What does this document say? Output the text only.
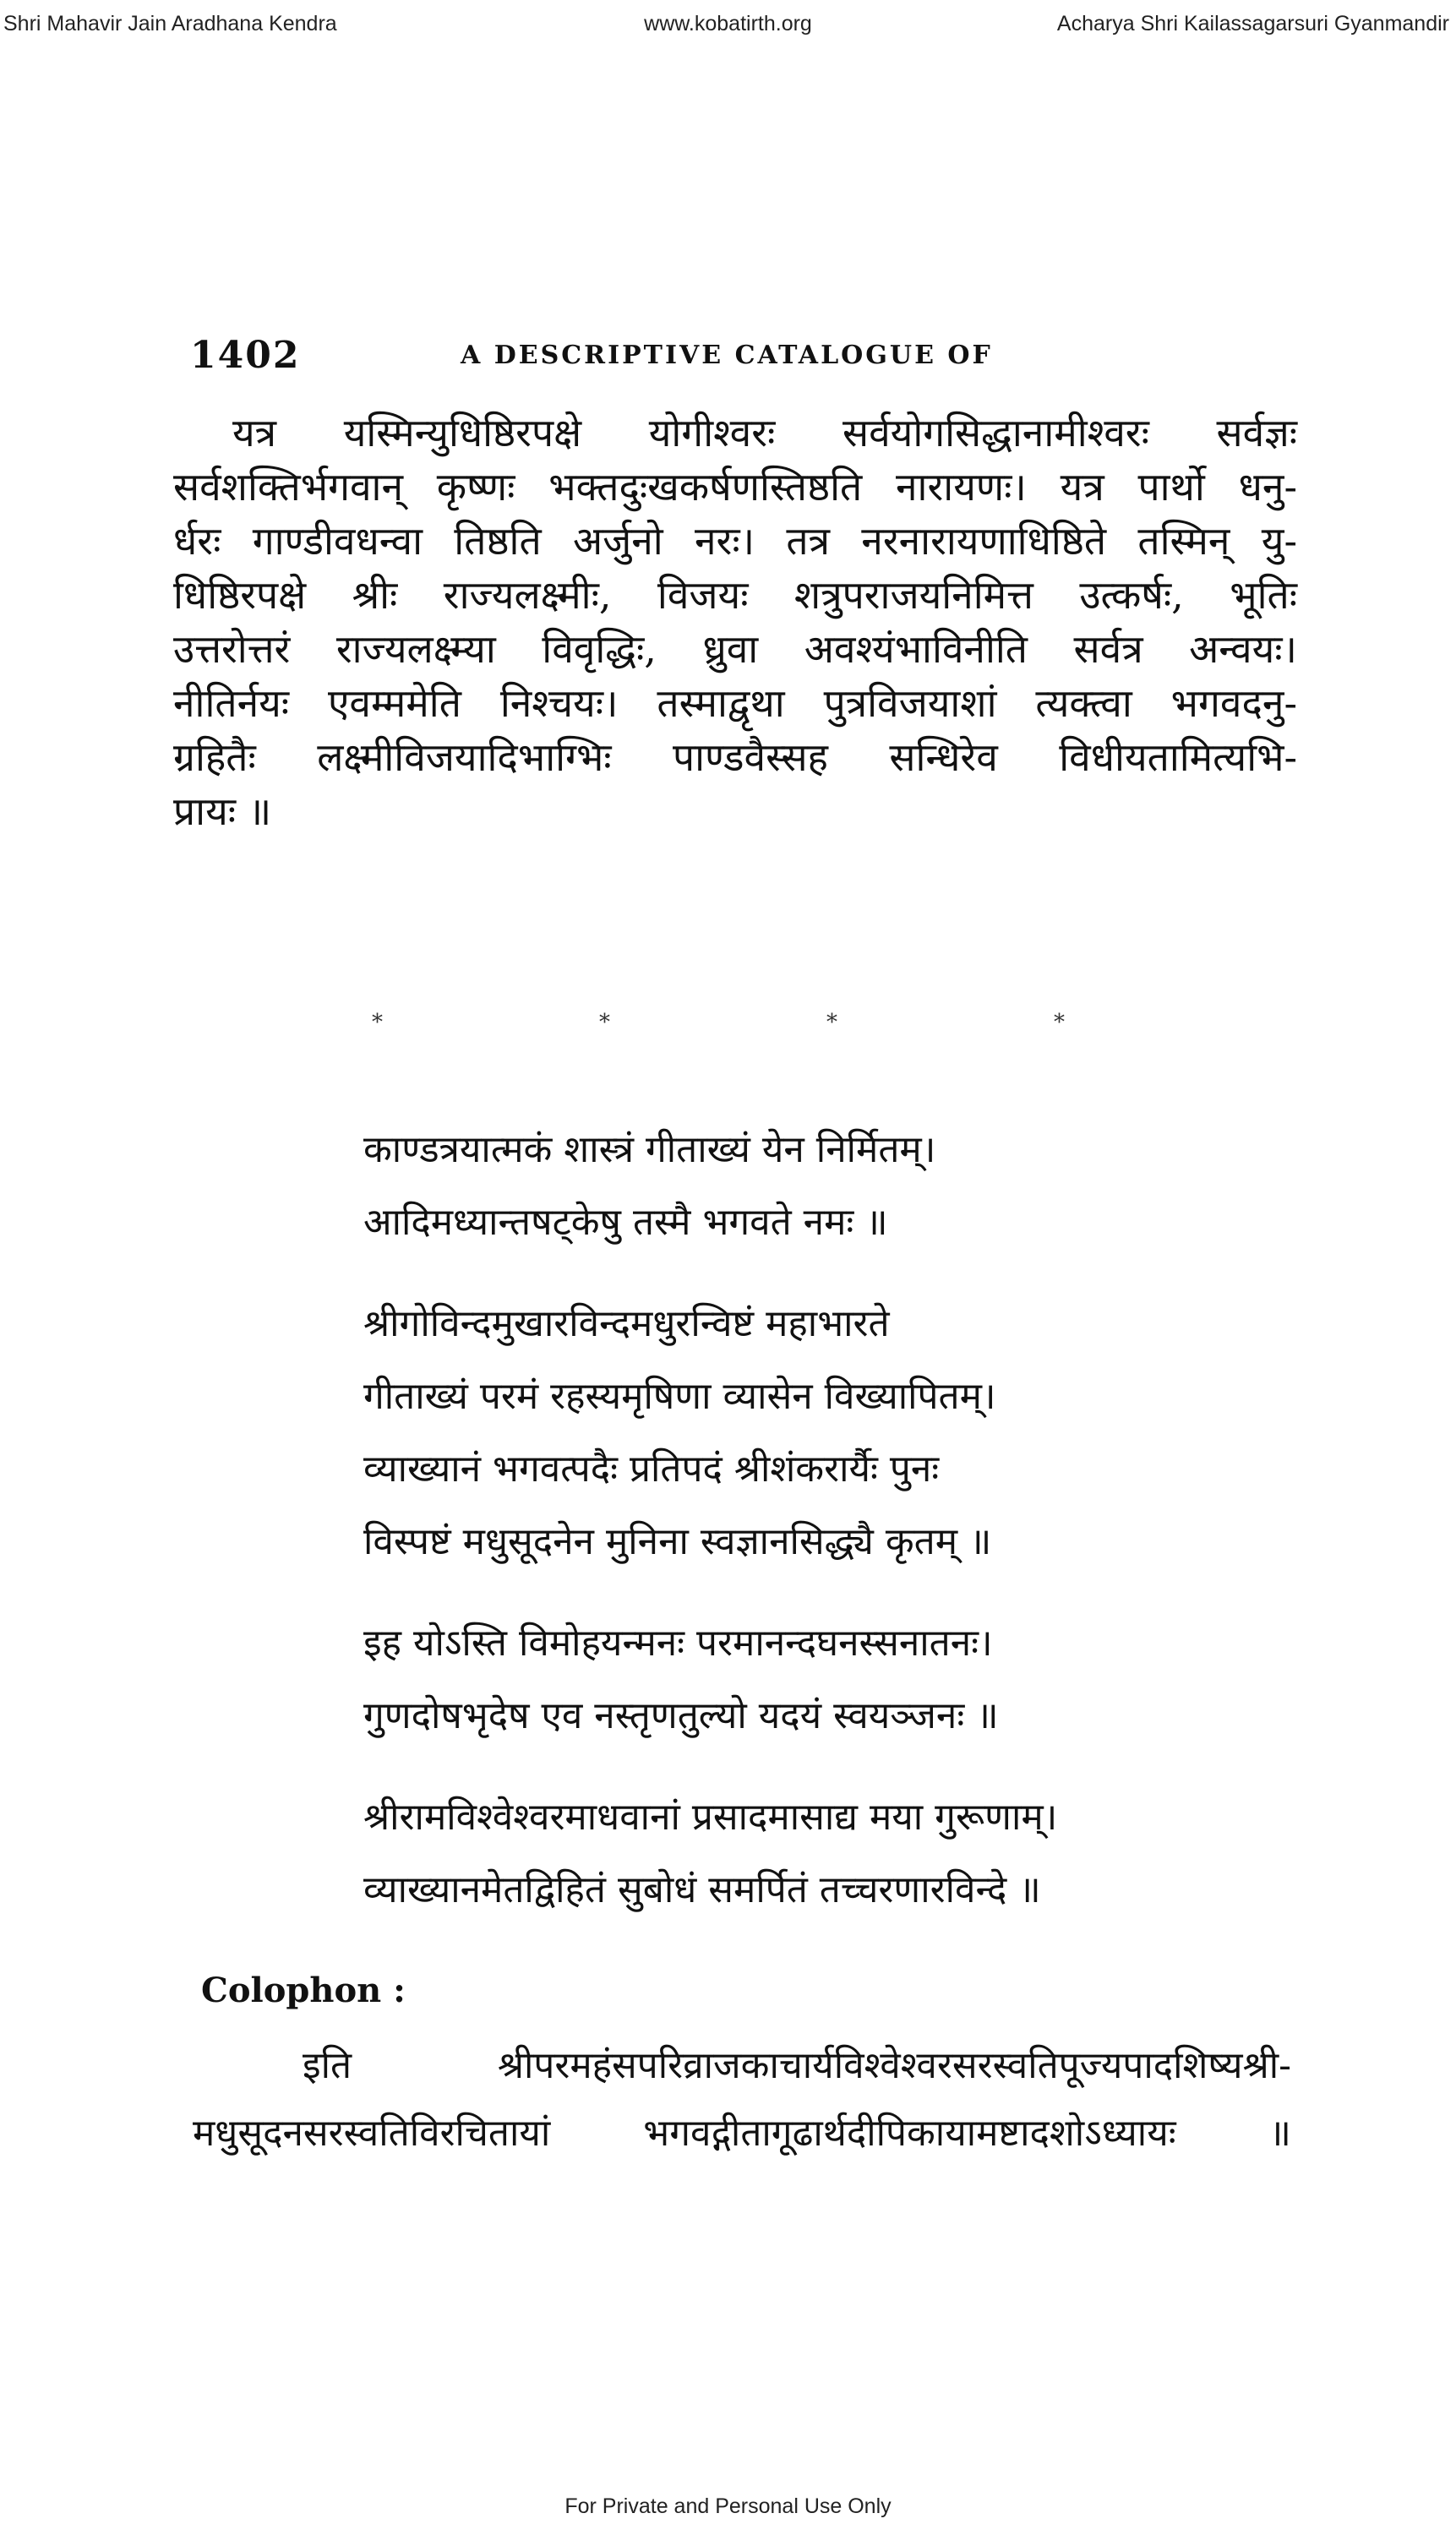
Shri Mahavir Jain Aradhana Kendra	www.kobatirth.org	Acharya Shri Kailassagarsuri Gyanmandir
1402	A DESCRIPTIVE CATALOGUE OF
यत्र यस्मिन्युधिष्ठिरपक्षे योगीश्वरः सर्वयोगसिद्धानामीश्वरः सर्वज्ञः
सर्वशक्तिर्भगवान् कृष्णः भक्तदुःखकर्षणस्तिष्ठति नारायणः। यत्र पार्थो धनु-
र्धरः गाण्डीवधन्वा तिष्ठति अर्जुनो नरः। तत्र नरनारायणाधिष्ठिते तस्मिन् यु-
धिष्ठिरपक्षे श्रीः राज्यलक्ष्मीः, विजयः शत्रुपराजयनिमित्त उत्कर्षः, भूतिः
उत्तरोत्तरं राज्यलक्ष्म्या विवृद्धिः, ध्रुवा अवश्यंभाविनीति सर्वत्र अन्वयः।
नीतिर्नयः एवम्ममेति निश्चयः। तस्माद्वृथा पुत्रविजयाशां त्यक्त्वा भगवदनु-
ग्रहितैः लक्ष्मीविजयादिभाग्भिः पाण्डवैस्सह सन्धिरेव विधीयतामित्यभि-
प्रायः ॥
*	*	*	*
काण्डत्रयात्मकं शास्त्रं गीताख्यं येन निर्मितम्।
आदिमध्यान्तषट्केषु तस्मै भगवते नमः ॥
श्रीगोविन्दमुखारविन्दमधुरन्विष्टं महाभारते
गीताख्यं परमं रहस्यमृषिणा व्यासेन विख्यापितम्।
व्याख्यानं भगवत्पदैः प्रतिपदं श्रीशंकरार्यैः पुनः
विस्पष्टं मधुसूदनेन मुनिना स्वज्ञानसिद्ध्यै कृतम् ॥
इह योऽस्ति विमोहयन्मनः परमानन्दघनस्सनातनः।
गुणदोषभृदेष एव नस्तृणतुल्यो यदयं स्वयञ्जनः ॥
श्रीरामविश्वेश्वरमाधवानां प्रसादमासाद्य मया गुरूणाम्।
व्याख्यानमेतद्विहितं सुबोधं समर्पितं तच्चरणारविन्दे ॥
Colophon :
इति श्रीपरमहंसपरिव्राजकाचार्यविश्वेश्वरसरस्वतिपूज्यपादशिष्यश्री-
मधुसूदनसरस्वतिविरचितायां भगवद्गीतागूढार्थदीपिकायामष्टादशोऽध्यायः ॥
For Private and Personal Use Only
